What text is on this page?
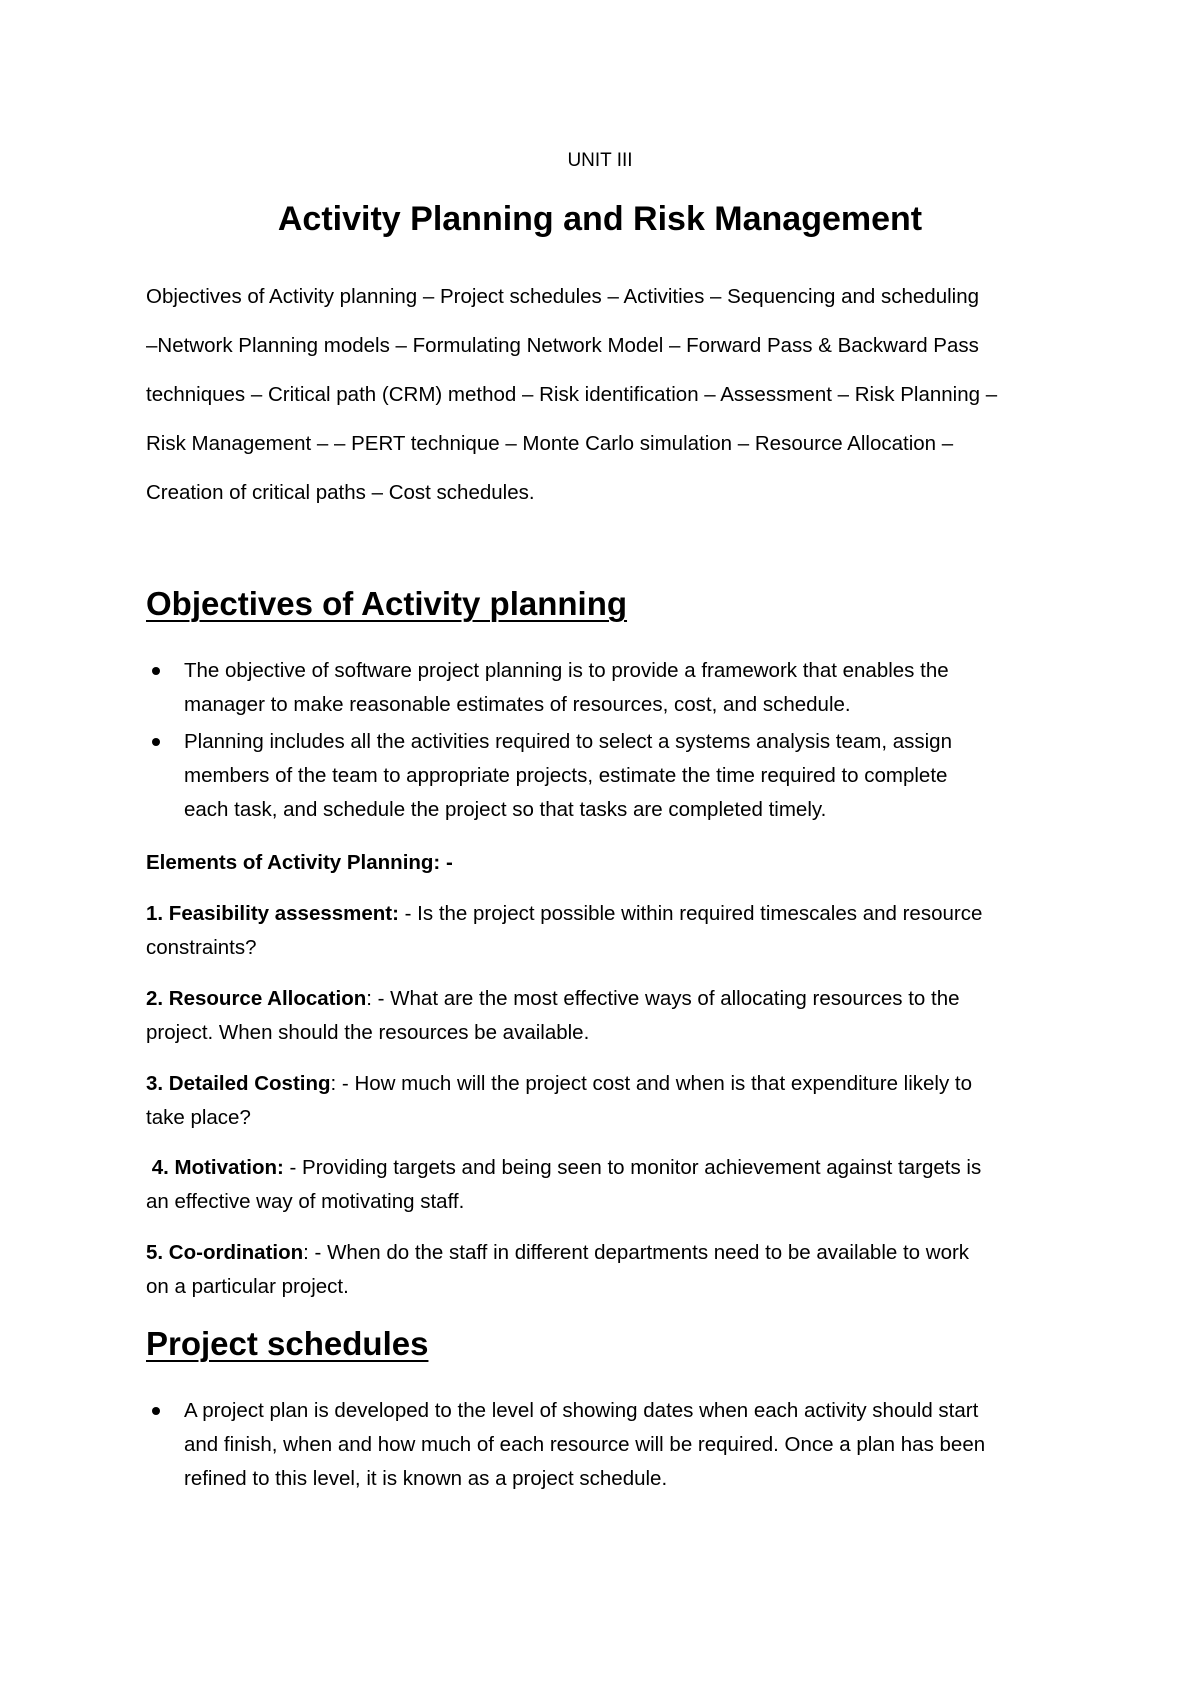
UNIT III
Activity Planning and Risk Management
Objectives of Activity planning – Project schedules – Activities – Sequencing and scheduling
–Network Planning models – Formulating Network Model – Forward Pass & Backward Pass
techniques – Critical path (CRM) method – Risk identification – Assessment – Risk Planning –
Risk Management – – PERT technique – Monte Carlo simulation – Resource Allocation –
Creation of critical paths – Cost schedules.
Objectives of Activity planning
The objective of software project planning is to provide a framework that enables the
manager to make reasonable estimates of resources, cost, and schedule.
Planning includes all the activities required to select a systems analysis team, assign
members of the team to appropriate projects, estimate the time required to complete
each task, and schedule the project so that tasks are completed timely.
Elements of Activity Planning: -
1. Feasibility assessment: - Is the project possible within required timescales and resource
constraints?
2. Resource Allocation: - What are the most effective ways of allocating resources to the
project. When should the resources be available.
3. Detailed Costing: - How much will the project cost and when is that expenditure likely to
take place?
4. Motivation: - Providing targets and being seen to monitor achievement against targets is
an effective way of motivating staff.
5. Co-ordination: - When do the staff in different departments need to be available to work
on a particular project.
Project schedules
A project plan is developed to the level of showing dates when each activity should start
and finish, when and how much of each resource will be required. Once a plan has been
refined to this level, it is known as a project schedule.
